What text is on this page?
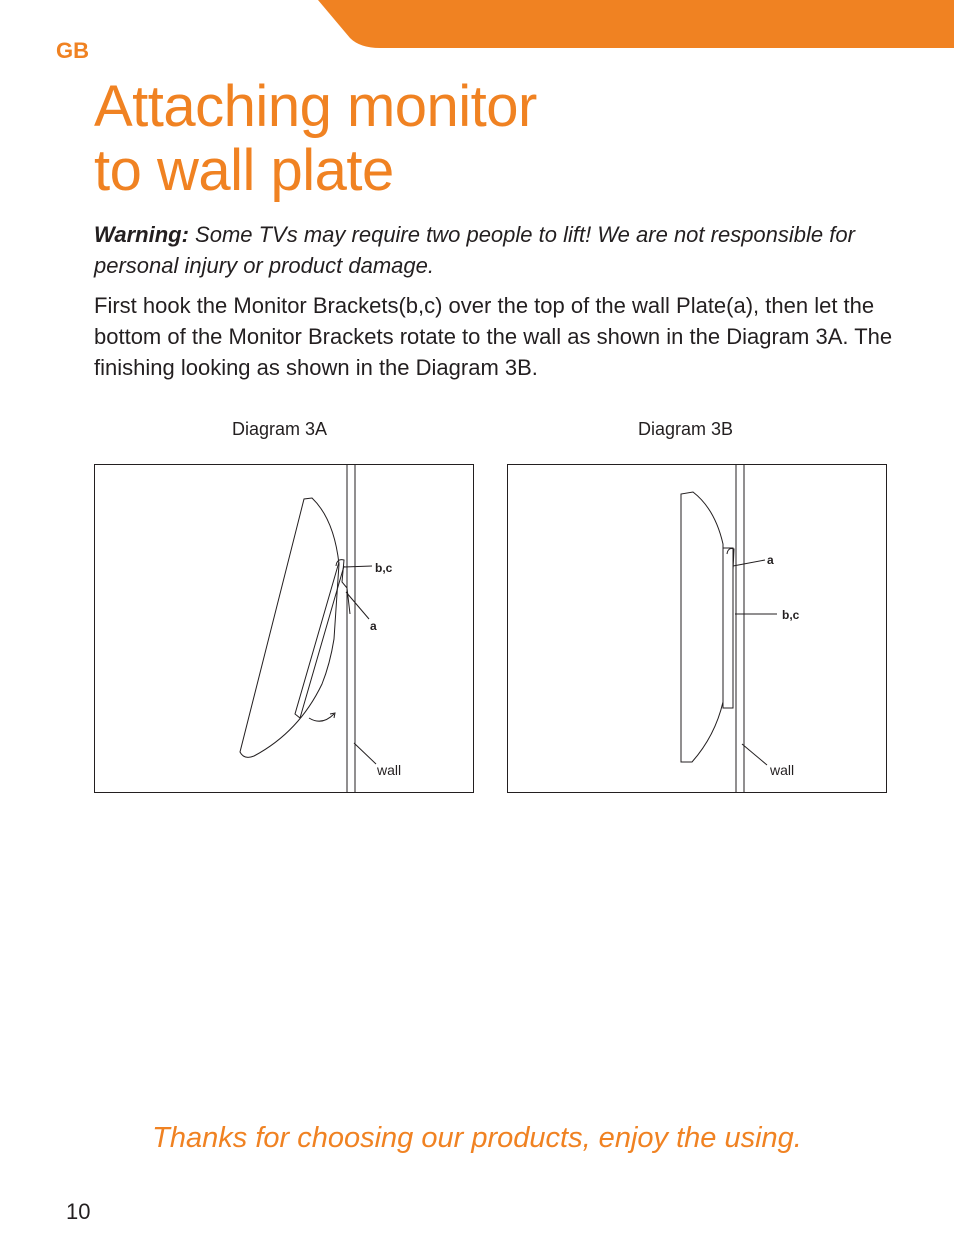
GB
Attaching monitor
to wall plate

Warning: Some TVs may require two people to lift! We are not responsible for personal injury or product damage.

First hook the Monitor Brackets(b,c) over the top of the wall Plate(a), then let the bottom of the Monitor Brackets rotate to the wall as shown in the Diagram 3A. The finishing looking as shown in the Diagram 3B.

Diagram 3A	Diagram 3B
b,c
a
wall
a
b,c
wall

Thanks for choosing our products, enjoy the using.

10
